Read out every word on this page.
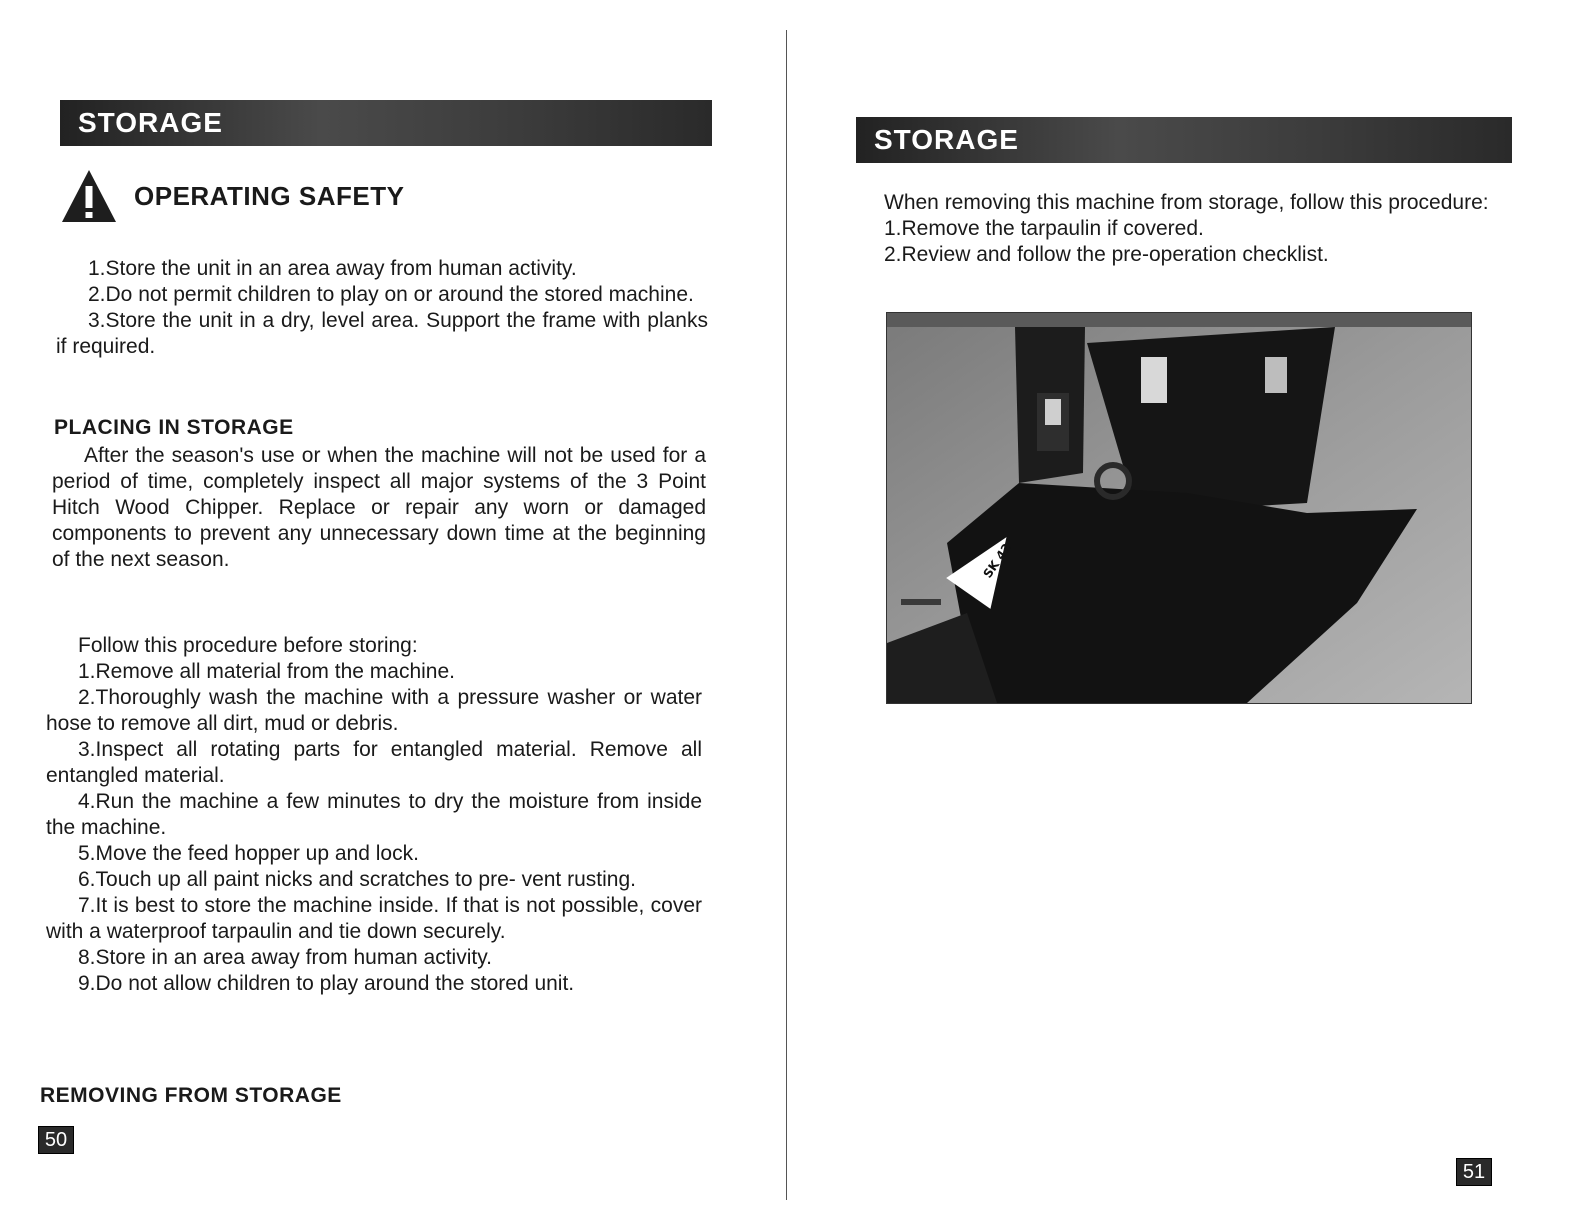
STORAGE
OPERATING SAFETY

1.Store the unit in an area away from human activity.

2.Do not permit children to play on or around the stored machine.

3.Store the unit in a dry, level area. Support the frame with planks if required.

PLACING IN STORAGE

After the season's use or when the machine will not be used for a period of time, completely inspect all major systems of the 3 Point Hitch Wood Chipper. Replace or repair any worn or damaged components to prevent any unnecessary down time at the beginning of the next season.

Follow this procedure before storing:

1.Remove all material from the machine.

2.Thoroughly wash the machine with a pressure washer or water hose to remove all dirt, mud or debris.

3.Inspect all rotating parts for entangled material. Remove all entangled material.

4.Run the machine a few minutes to dry the moisture from inside the machine.

5.Move the feed hopper up and lock.

6.Touch up all paint nicks and scratches to pre- vent rusting.

7.It is best to store the machine inside. If that is not possible, cover with a waterproof tarpaulin and tie down securely.

8.Store in an area away from human activity.

9.Do not allow children to play around the stored unit.

REMOVING FROM STORAGE
50
STORAGE

When removing this machine from storage, follow this procedure:

1.Remove the tarpaulin if covered.

2.Review and follow the pre-operation checklist.

SK 42
51
